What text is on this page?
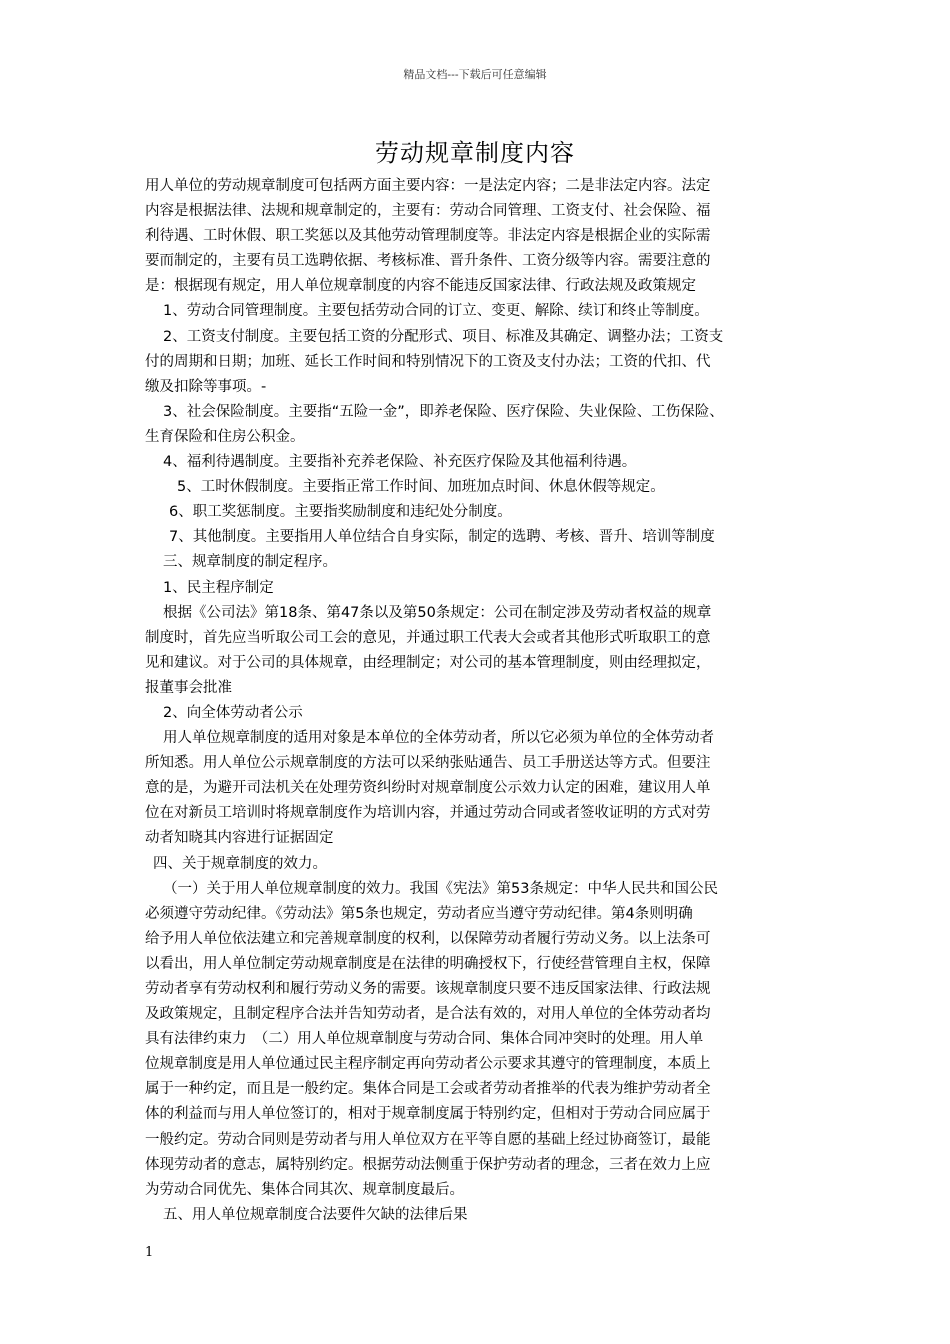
精品文档---下载后可任意编辑
劳动规章制度内容

用人单位的劳动规章制度可包括两方面主要内容：一是法定内容；二是非法定内容。法定

内容是根据法律、法规和规章制定的，主要有：劳动合同管理、工资支付、社会保险、福

利待遇、工时休假、职工奖惩以及其他劳动管理制度等。非法定内容是根据企业的实际需

要而制定的，主要有员工选聘依据、考核标准、晋升条件、工资分级等内容。需要注意的

是：根据现有规定，用人单位规章制度的内容不能违反国家法律、行政法规及政策规定

1、劳动合同管理制度。主要包括劳动合同的订立、变更、解除、续订和终止等制度。

2、工资支付制度。主要包括工资的分配形式、项目、标准及其确定、调整办法；工资支

付的周期和日期；加班、延长工作时间和特别情况下的工资及支付办法；工资的代扣、代

缴及扣除等事项。-

3、社会保险制度。主要指“五险一金”，即养老保险、医疗保险、失业保险、工伤保险、

生育保险和住房公积金。

4、福利待遇制度。主要指补充养老保险、补充医疗保险及其他福利待遇。

5、工时休假制度。主要指正常工作时间、加班加点时间、休息休假等规定。

6、职工奖惩制度。主要指奖励制度和违纪处分制度。

7、其他制度。主要指用人单位结合自身实际，制定的选聘、考核、晋升、培训等制度

三、规章制度的制定程序。

1、民主程序制定

根据《公司法》第18条、第47条以及第50条规定：公司在制定涉及劳动者权益的规章

制度时，首先应当听取公司工会的意见，并通过职工代表大会或者其他形式听取职工的意

见和建议。对于公司的具体规章，由经理制定；对公司的基本管理制度，则由经理拟定，

报董事会批准

2、向全体劳动者公示

用人单位规章制度的适用对象是本单位的全体劳动者，所以它必须为单位的全体劳动者

所知悉。用人单位公示规章制度的方法可以采纳张贴通告、员工手册送达等方式。但要注

意的是，为避开司法机关在处理劳资纠纷时对规章制度公示效力认定的困难，建议用人单

位在对新员工培训时将规章制度作为培训内容，并通过劳动合同或者签收证明的方式对劳

动者知晓其内容进行证据固定

四、关于规章制度的效力。

（一）关于用人单位规章制度的效力。我国《宪法》第53条规定：中华人民共和国公民

必须遵守劳动纪律。《劳动法》第5条也规定，劳动者应当遵守劳动纪律。第4条则明确

给予用人单位依法建立和完善规章制度的权利，以保障劳动者履行劳动义务。以上法条可

以看出，用人单位制定劳动规章制度是在法律的明确授权下，行使经营管理自主权，保障

劳动者享有劳动权利和履行劳动义务的需要。该规章制度只要不违反国家法律、行政法规

及政策规定，且制定程序合法并告知劳动者，是合法有效的，对用人单位的全体劳动者均

具有法律约束力　（二）用人单位规章制度与劳动合同、集体合同冲突时的处理。用人单

位规章制度是用人单位通过民主程序制定再向劳动者公示要求其遵守的管理制度，本质上

属于一种约定，而且是一般约定。集体合同是工会或者劳动者推举的代表为维护劳动者全

体的利益而与用人单位签订的，相对于规章制度属于特别约定，但相对于劳动合同应属于

一般约定。劳动合同则是劳动者与用人单位双方在平等自愿的基础上经过协商签订，最能

体现劳动者的意志，属特别约定。根据劳动法侧重于保护劳动者的理念，三者在效力上应

为劳动合同优先、集体合同其次、规章制度最后。

五、用人单位规章制度合法要件欠缺的法律后果

1
